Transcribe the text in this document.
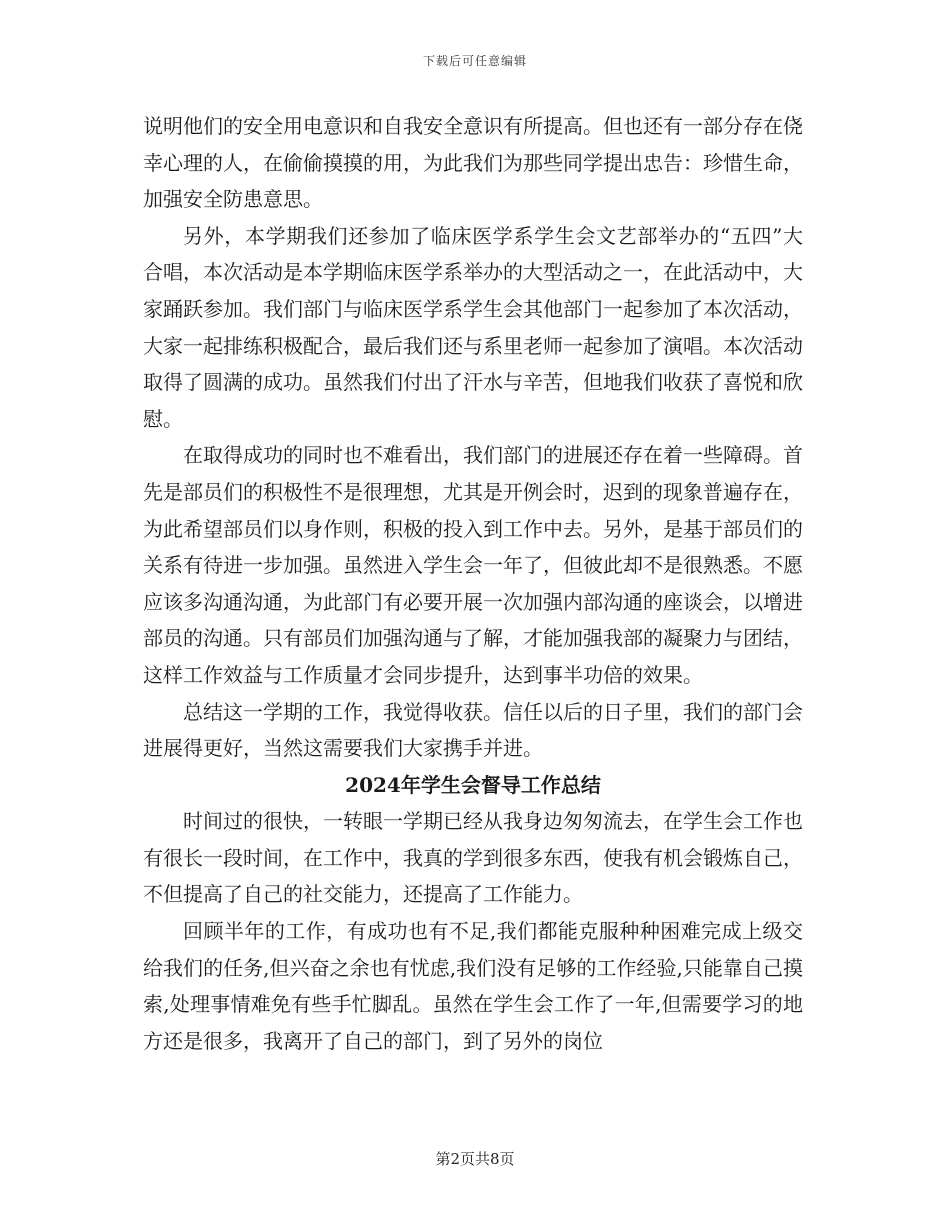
下载后可任意编辑

说明他们的安全用电意识和自我安全意识有所提高。但也还有一部分存在侥幸心理的人，在偷偷摸摸的用，为此我们为那些同学提出忠告：珍惜生命，加强安全防患意思。

另外，本学期我们还参加了临床医学系学生会文艺部举办的“五四”大合唱，本次活动是本学期临床医学系举办的大型活动之一，在此活动中，大家踊跃参加。我们部门与临床医学系学生会其他部门一起参加了本次活动，大家一起排练积极配合，最后我们还与系里老师一起参加了演唱。本次活动取得了圆满的成功。虽然我们付出了汗水与辛苦，但地我们收获了喜悦和欣慰。

在取得成功的同时也不难看出，我们部门的进展还存在着一些障碍。首先是部员们的积极性不是很理想，尤其是开例会时，迟到的现象普遍存在，为此希望部员们以身作则，积极的投入到工作中去。另外，是基于部员们的关系有待进一步加强。虽然进入学生会一年了，但彼此却不是很熟悉。不愿应该多沟通沟通，为此部门有必要开展一次加强内部沟通的座谈会，以增进部员的沟通。只有部员们加强沟通与了解，才能加强我部的凝聚力与团结，这样工作效益与工作质量才会同步提升，达到事半功倍的效果。

总结这一学期的工作，我觉得收获。信任以后的日子里，我们的部门会进展得更好，当然这需要我们大家携手并进。

2024年学生会督导工作总结

时间过的很快，一转眼一学期已经从我身边匆匆流去，在学生会工作也有很长一段时间，在工作中，我真的学到很多东西，使我有机会锻炼自己，不但提高了自己的社交能力，还提高了工作能力。

回顾半年的工作，有成功也有不足,我们都能克服种种困难完成上级交给我们的任务,但兴奋之余也有忧虑,我们没有足够的工作经验,只能靠自己摸索,处理事情难免有些手忙脚乱。虽然在学生会工作了一年,但需要学习的地方还是很多，我离开了自己的部门，到了另外的岗位

第2页共8页
